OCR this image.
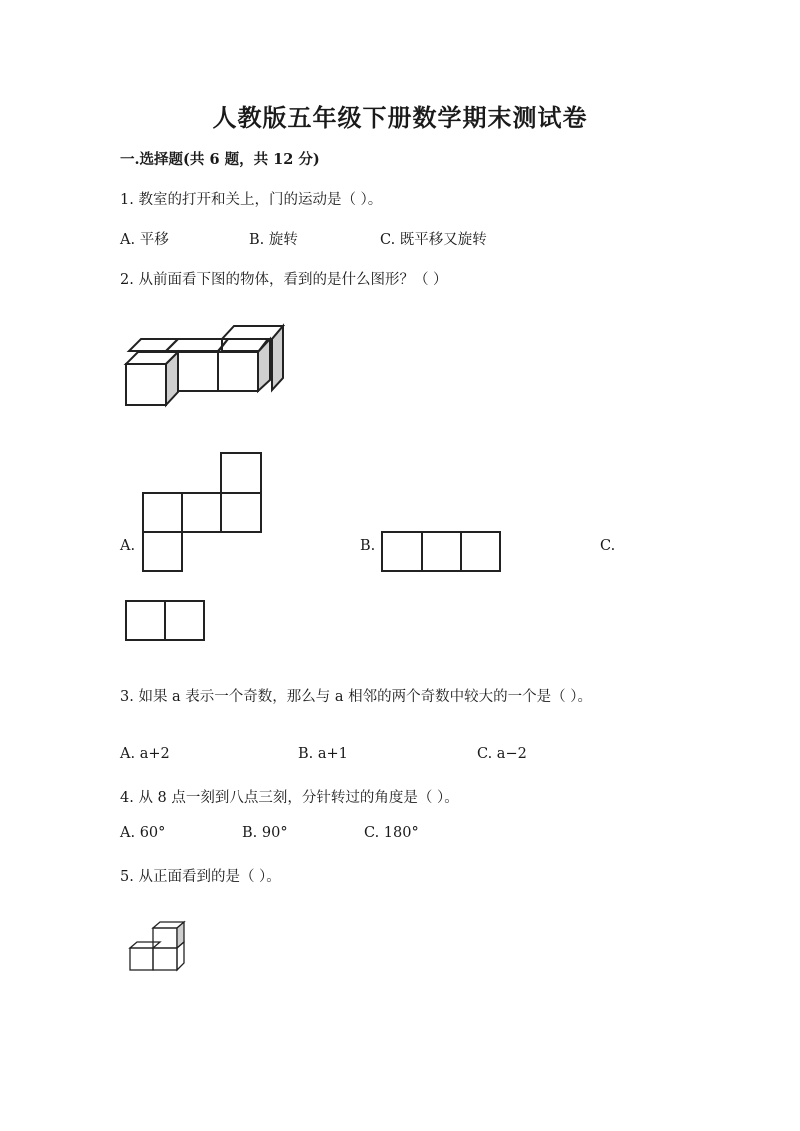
人教版五年级下册数学期末测试卷
一.选择题(共 6 题，共 12 分)
1. 教室的打开和关上，门的运动是（ ）。
A. 平移	B. 旋转	C. 既平移又旋转
2. 从前面看下图的物体，看到的是什么图形？（ ）
A.	B.	C.
3. 如果 a 表示一个奇数，那么与 a 相邻的两个奇数中较大的一个是（ ）。
A. a+2	B. a+1	C. a−2
4. 从 8 点一刻到八点三刻，分针转过的角度是（ ）。
A. 60°	B. 90°	C. 180°
5. 从正面看到的是（ ）。
